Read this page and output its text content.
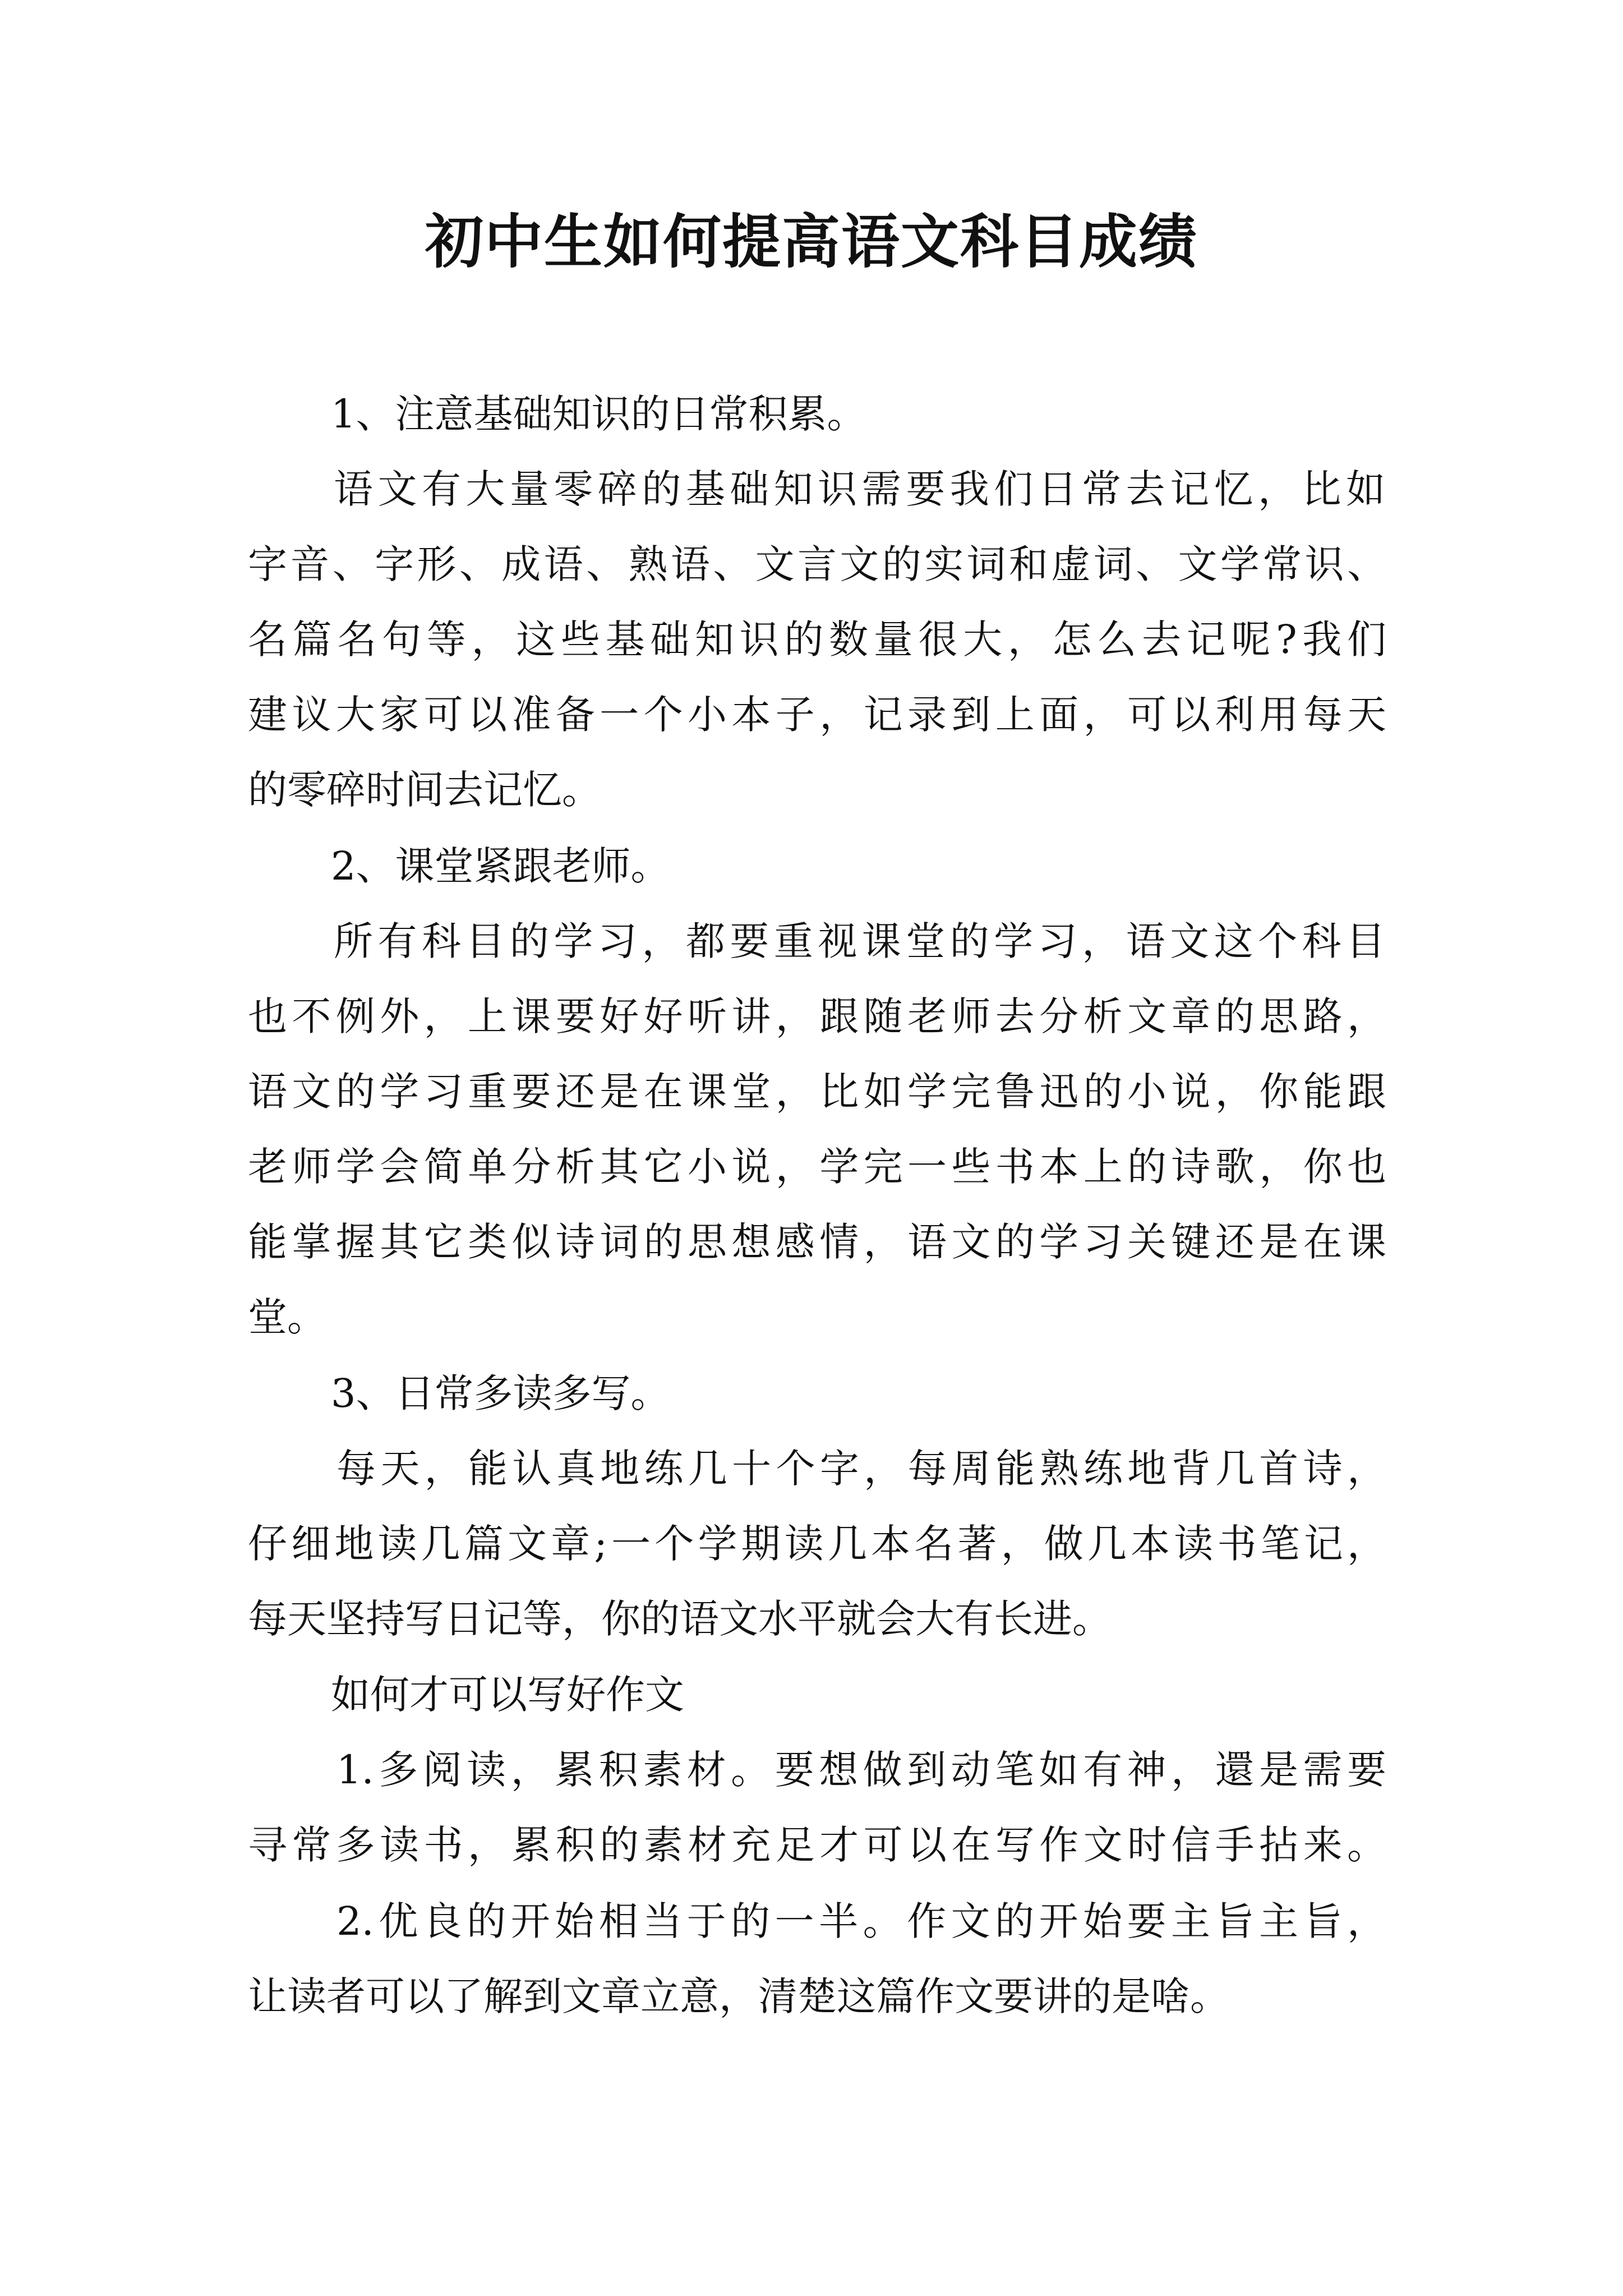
初中生如何提高语文科目成绩
1、注意基础知识的日常积累。
语文有大量零碎的基础知识需要我们日常去记忆，比如
字音、字形、成语、熟语、文言文的实词和虚词、文学常识、
名篇名句等，这些基础知识的数量很大，怎么去记呢?我们
建议大家可以准备一个小本子，记录到上面，可以利用每天
的零碎时间去记忆。
2、课堂紧跟老师。
所有科目的学习，都要重视课堂的学习，语文这个科目
也不例外，上课要好好听讲，跟随老师去分析文章的思路，
语文的学习重要还是在课堂，比如学完鲁迅的小说，你能跟
老师学会简单分析其它小说，学完一些书本上的诗歌，你也
能掌握其它类似诗词的思想感情，语文的学习关键还是在课
堂。
3、日常多读多写。
每天，能认真地练几十个字，每周能熟练地背几首诗，
仔细地读几篇文章;一个学期读几本名著，做几本读书笔记，
每天坚持写日记等，你的语文水平就会大有长进。
如何才可以写好作文
1.多阅读，累积素材。要想做到动笔如有神，還是需要
寻常多读书，累积的素材充足才可以在写作文时信手拈来。
2.优良的开始相当于的一半。作文的开始要主旨主旨，
让读者可以了解到文章立意，清楚这篇作文要讲的是啥。
